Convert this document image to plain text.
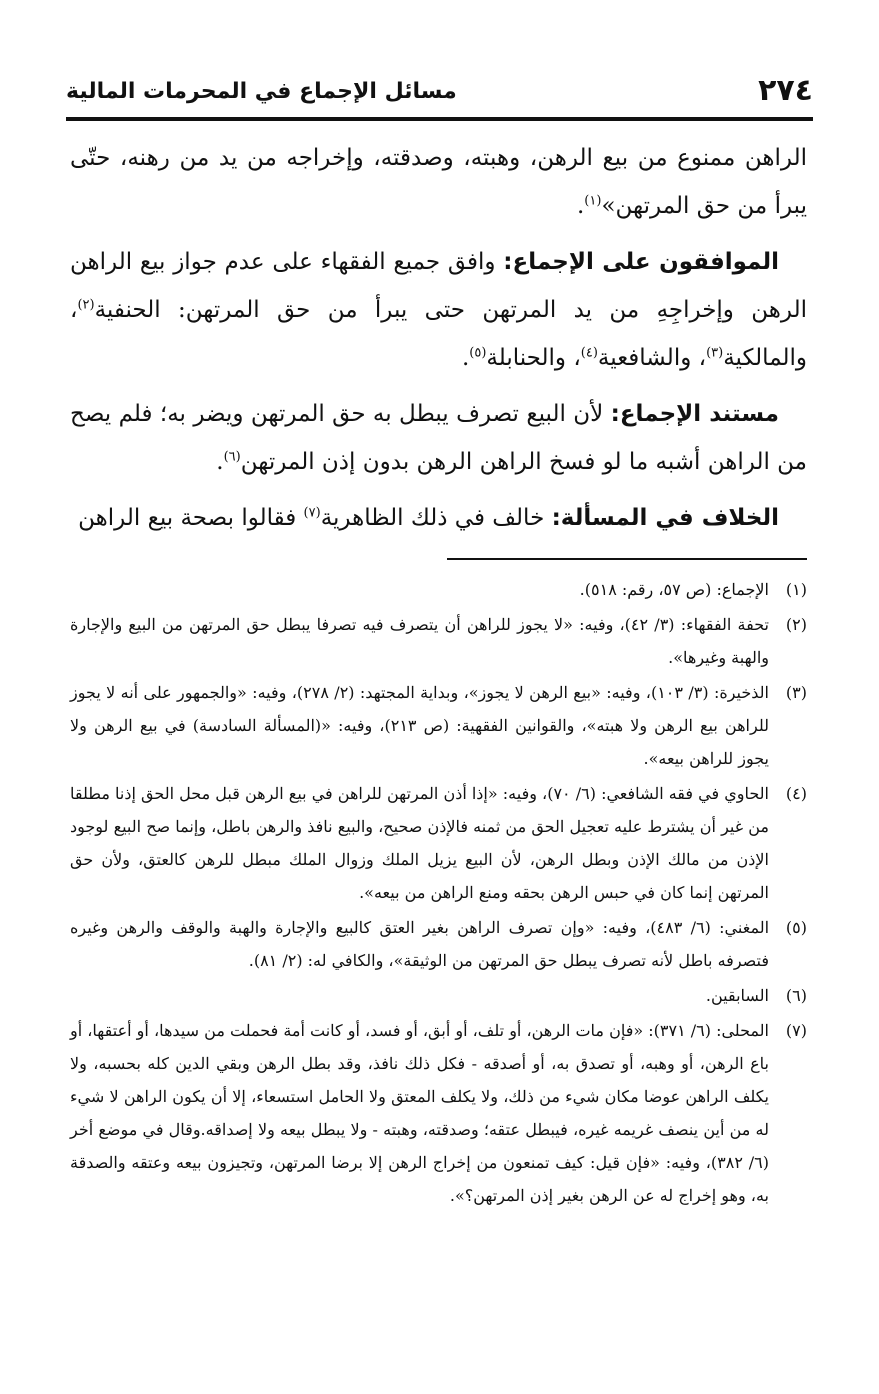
٢٧٤
مسائل الإجماع في المحرمات المالية

الراهن ممنوع من بيع الرهن، وهبته، وصدقته، وإخراجه من يد من رهنه، حتّى يبرأ من حق المرتهن»$^{(١)}$.

الموافقون على الإجماع: وافق جميع الفقهاء على عدم جواز بيع الراهن الرهن وإخراجِهِ من يد المرتهن حتى يبرأ من حق المرتهن: الحنفية$^{(٢)}$، والمالكية$^{(٣)}$، والشافعية$^{(٤)}$، والحنابلة$^{(٥)}$.

مستند الإجماع: لأن البيع تصرف يبطل به حق المرتهن ويضر به؛ فلم يصح من الراهن أشبه ما لو فسخ الراهن الرهن بدون إذن المرتهن$^{(٦)}$.

الخلاف في المسألة: خالف في ذلك الظاهرية$^{(٧)}$ فقالوا بصحة بيع الراهن

(١)
الإجماع: (ص ٥٧، رقم: ٥١٨).
(٢)
تحفة الفقهاء: (٣/ ٤٢)، وفيه: «لا يجوز للراهن أن يتصرف فيه تصرفا يبطل حق المرتهن من البيع والإجارة والهبة وغيرها».
(٣)
الذخيرة: (٣/ ١٠٣)، وفيه: «بيع الرهن لا يجوز»، وبداية المجتهد: (٢/ ٢٧٨)، وفيه: «والجمهور على أنه لا يجوز للراهن بيع الرهن ولا هبته»، والقوانين الفقهية: (ص ٢١٣)، وفيه: «(المسألة السادسة) في بيع الرهن ولا يجوز للراهن بيعه».
(٤)
الحاوي في فقه الشافعي: (٦/ ٧٠)، وفيه: «إذا أذن المرتهن للراهن في بيع الرهن قبل محل الحق إذنا مطلقا من غير أن يشترط عليه تعجيل الحق من ثمنه فالإذن صحيح، والبيع نافذ والرهن باطل، وإنما صح البيع لوجود الإذن من مالك الإذن وبطل الرهن، لأن البيع يزيل الملك وزوال الملك مبطل للرهن كالعتق، ولأن حق المرتهن إنما كان في حبس الرهن بحقه ومنع الراهن من بيعه».
(٥)
المغني: (٦/ ٤٨٣)، وفيه: «وإن تصرف الراهن بغير العتق كالبيع والإجارة والهبة والوقف والرهن وغيره فتصرفه باطل لأنه تصرف يبطل حق المرتهن من الوثيقة»، والكافي له: (٢/ ٨١).
(٦)
السابقين.
(٧)
المحلى: (٦/ ٣٧١): «فإن مات الرهن، أو تلف، أو أبق، أو فسد، أو كانت أمة فحملت من سيدها، أو أعتقها، أو باع الرهن، أو وهبه، أو تصدق به، أو أصدقه - فكل ذلك نافذ، وقد بطل الرهن وبقي الدين كله بحسبه، ولا يكلف الراهن عوضا مكان شيء من ذلك، ولا يكلف المعتق ولا الحامل استسعاء، إلا أن يكون الراهن لا شيء له من أين ينصف غريمه غيره، فيبطل عتقه؛ وصدقته، وهبته - ولا يبطل بيعه ولا إصداقه.وقال في موضع أخر (٦/ ٣٨٢)، وفيه: «فإن قيل: كيف تمنعون من إخراج الرهن إلا برضا المرتهن، وتجيزون بيعه وعتقه والصدقة به، وهو إخراج له عن الرهن بغير إذن المرتهن؟».
